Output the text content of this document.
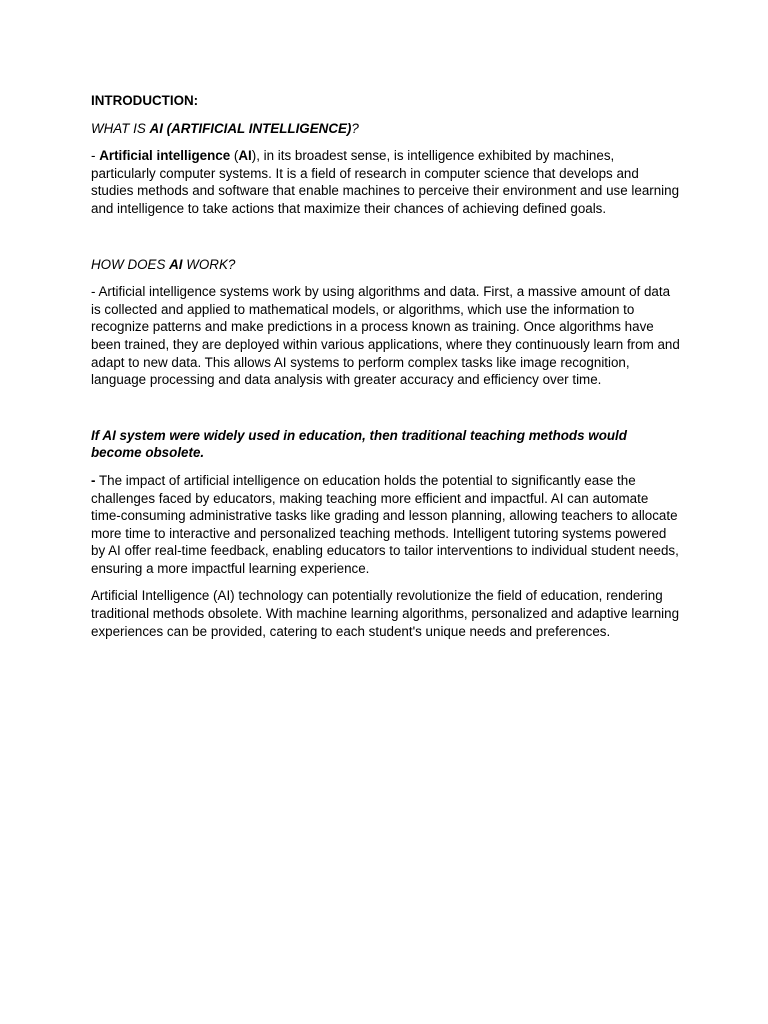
INTRODUCTION:

WHAT IS AI (ARTIFICIAL INTELLIGENCE)?

- Artificial intelligence (AI), in its broadest sense, is intelligence exhibited by machines, particularly computer systems. It is a field of research in computer science that develops and studies methods and software that enable machines to perceive their environment and use learning and intelligence to take actions that maximize their chances of achieving defined goals.

HOW DOES AI WORK?

- Artificial intelligence systems work by using algorithms and data. First, a massive amount of data is collected and applied to mathematical models, or algorithms, which use the information to recognize patterns and make predictions in a process known as training. Once algorithms have been trained, they are deployed within various applications, where they continuously learn from and adapt to new data. This allows AI systems to perform complex tasks like image recognition, language processing and data analysis with greater accuracy and efficiency over time.

If AI system were widely used in education, then traditional teaching methods would become obsolete.

- The impact of artificial intelligence on education holds the potential to significantly ease the challenges faced by educators, making teaching more efficient and impactful. AI can automate time-consuming administrative tasks like grading and lesson planning, allowing teachers to allocate more time to interactive and personalized teaching methods. Intelligent tutoring systems powered by AI offer real-time feedback, enabling educators to tailor interventions to individual student needs, ensuring a more impactful learning experience.

Artificial Intelligence (AI) technology can potentially revolutionize the field of education, rendering traditional methods obsolete. With machine learning algorithms, personalized and adaptive learning experiences can be provided, catering to each student's unique needs and preferences.
